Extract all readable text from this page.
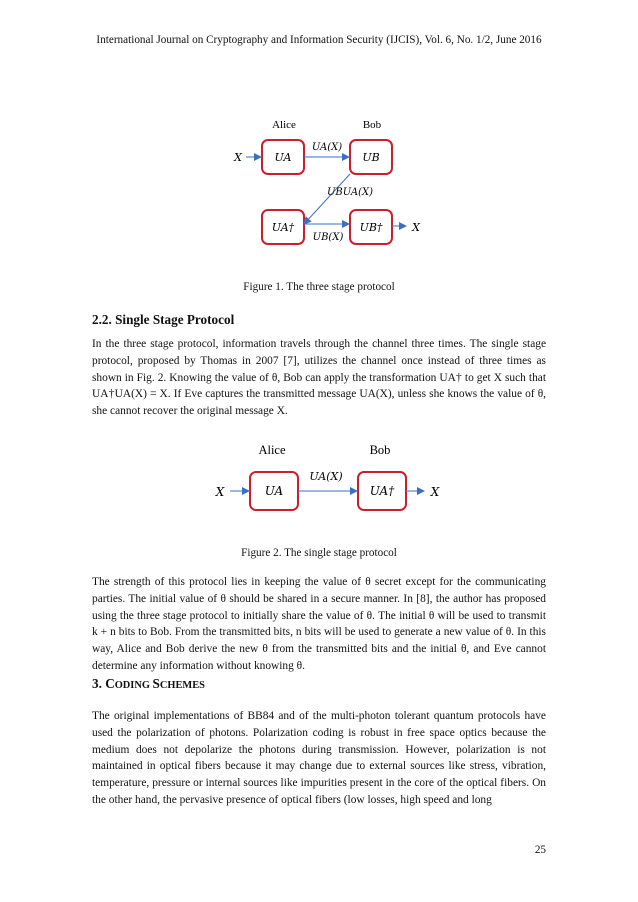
International Journal on Cryptography and Information Security (IJCIS), Vol. 6, No. 1/2, June 2016
Alice	Bob
UA	UB
UA†	UB†
X
X
UA(X)
UBUA(X)
UB(X)
Figure 1. The three stage protocol
2.2. Single Stage Protocol

In the three stage protocol, information travels through the channel three times. The single stage protocol, proposed by Thomas in 2007 [7], utilizes the channel once instead of three times as shown in Fig. 2. Knowing the value of θ, Bob can apply the transformation UA† to get X such that UA†UA(X) = X. If Eve captures the transmitted message UA(X), unless she knows the value of θ, she cannot recover the original message X.

Alice	Bob
UA	UA†
X	X
UA(X)
Figure 2. The single stage protocol

The strength of this protocol lies in keeping the value of θ secret except for the communicating parties. The initial value of θ should be shared in a secure manner. In [8], the author has proposed using the three stage protocol to initially share the value of θ. The initial θ will be used to transmit k + n bits to Bob. From the transmitted bits, n bits will be used to generate a new value of θ. In this way, Alice and Bob derive the new θ from the transmitted bits and the initial θ, and Eve cannot determine any information without knowing θ.

3. CODING SCHEMES

The original implementations of BB84 and of the multi-photon tolerant quantum protocols have used the polarization of photons. Polarization coding is robust in free space optics because the medium does not depolarize the photons during transmission. However, polarization is not maintained in optical fibers because it may change due to external sources like stress, vibration, temperature, pressure or internal sources like impurities present in the core of the optical fibers. On the other hand, the pervasive presence of optical fibers (low losses, high speed and long

25
